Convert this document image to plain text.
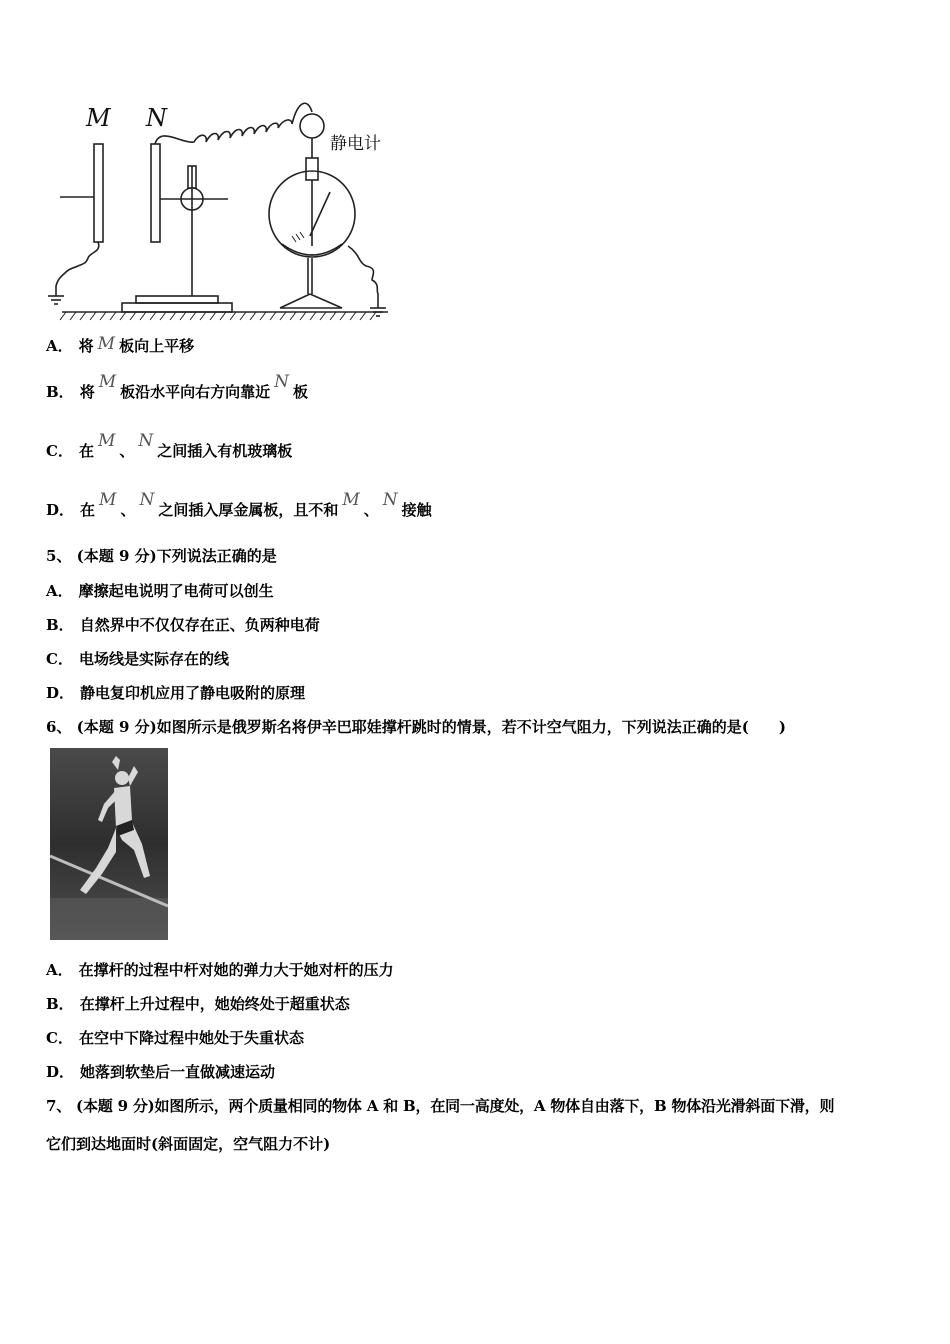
M N
静电计
A． 将 M 板向上平移
B． 将 M 板沿水平向右方向靠近 N 板
C． 在 M 、 N 之间插入有机玻璃板
D． 在 M 、 N 之间插入厚金属板，且不和 M 、 N 接触
5、 (本题 9 分)下列说法正确的是
A． 摩擦起电说明了电荷可以创生
B． 自然界中不仅仅存在正、负两种电荷
C． 电场线是实际存在的线
D． 静电复印机应用了静电吸附的原理
6、 (本题 9 分)如图所示是俄罗斯名将伊辛巴耶娃撑杆跳时的情景，若不计空气阻力，下列说法正确的是(　　)
A． 在撑杆的过程中杆对她的弹力大于她对杆的压力
B． 在撑杆上升过程中，她始终处于超重状态
C． 在空中下降过程中她处于失重状态
D． 她落到软垫后一直做减速运动
7、 (本题 9 分)如图所示，两个质量相同的物体 A 和 B，在同一高度处，A 物体自由落下，B 物体沿光滑斜面下滑，则
它们到达地面时(斜面固定，空气阻力不计)
